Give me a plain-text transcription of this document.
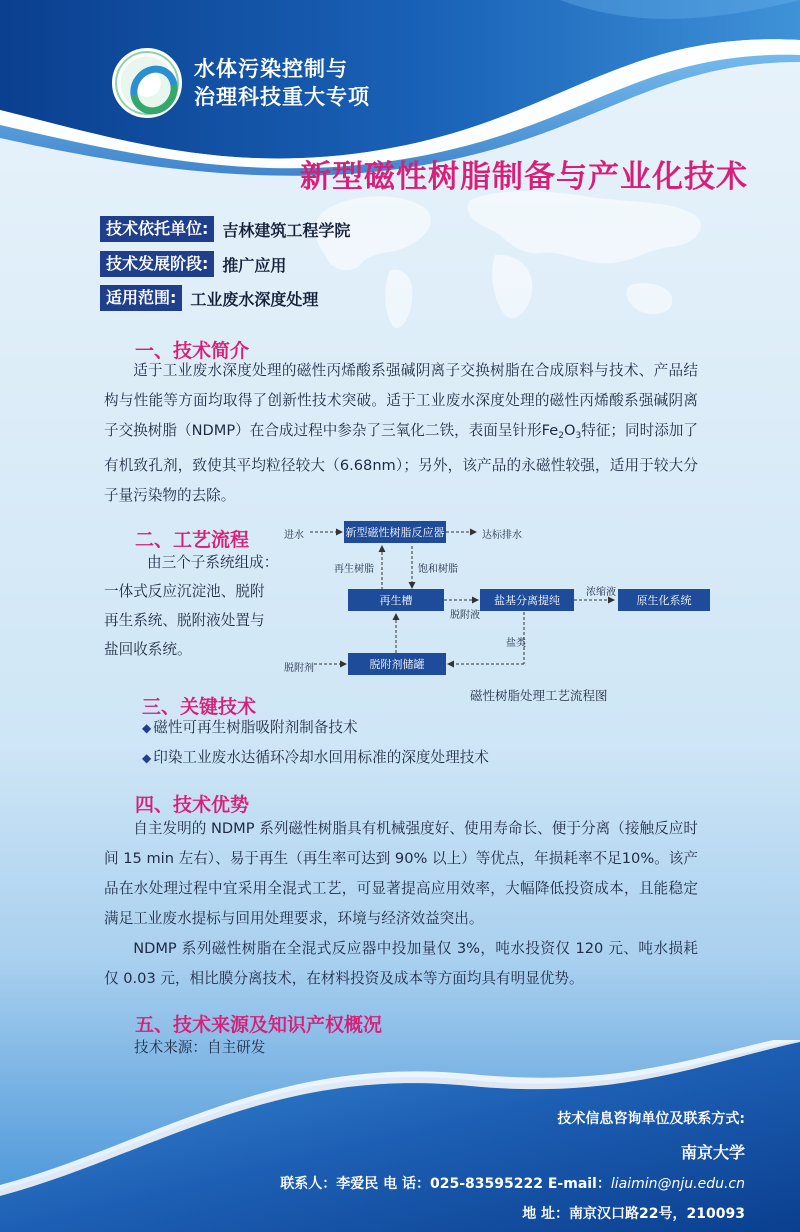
水体污染控制与
治理科技重大专项
新型磁性树脂制备与产业化技术
技术依托单位: 吉林建筑工程学院
技术发展阶段: 推广应用
适用范围: 工业废水深度处理
一、技术简介

适于工业废水深度处理的磁性丙烯酸系强碱阴离子交换树脂在合成原料与技术、产品结构与性能等方面均取得了创新性技术突破。适于工业废水深度处理的磁性丙烯酸系强碱阴离子交换树脂（NDMP）在合成过程中参杂了三氧化二铁，表面呈针形$Fe_2O_3$特征；同时添加了有机致孔剂，致使其平均粒径较大（6.68nm）；另外，该产品的永磁性较强，适用于较大分子量污染物的去除。

二、工艺流程

由三个子系统组成：

一体式反应沉淀池、脱附

再生系统、脱附液处置与

盐回收系统。

进水	新型磁性树脂反应器	达标排水
再生树脂	饱和树脂
再生槽
脱附液
盐基分离提纯
浓缩液
原生化系统
盐类
脱附剂	脱附剂储罐
磁性树脂处理工艺流程图
三、关键技术
◆ 磁性可再生树脂吸附剂制备技术
◆ 印染工业废水达循环冷却水回用标准的深度处理技术
四、技术优势

自主发明的 NDMP 系列磁性树脂具有机械强度好、使用寿命长、便于分离（接触反应时间 15 min 左右）、易于再生（再生率可达到 90% 以上）等优点，年损耗率不足10%。该产品在水处理过程中宜采用全混式工艺，可显著提高应用效率，大幅降低投资成本，且能稳定满足工业废水提标与回用处理要求，环境与经济效益突出。

NDMP 系列磁性树脂在全混式反应器中投加量仅 3%，吨水投资仅 120 元、吨水损耗仅 0.03 元，相比膜分离技术，在材料投资及成本等方面均具有明显优势。

五、技术来源及知识产权概况

技术来源：自主研发

技术信息咨询单位及联系方式:
南京大学
联系人：李爱民 电 话：025-83595222 E-mail：liaimin@nju.edu.cn
地 址：南京汉口路22号，210093
